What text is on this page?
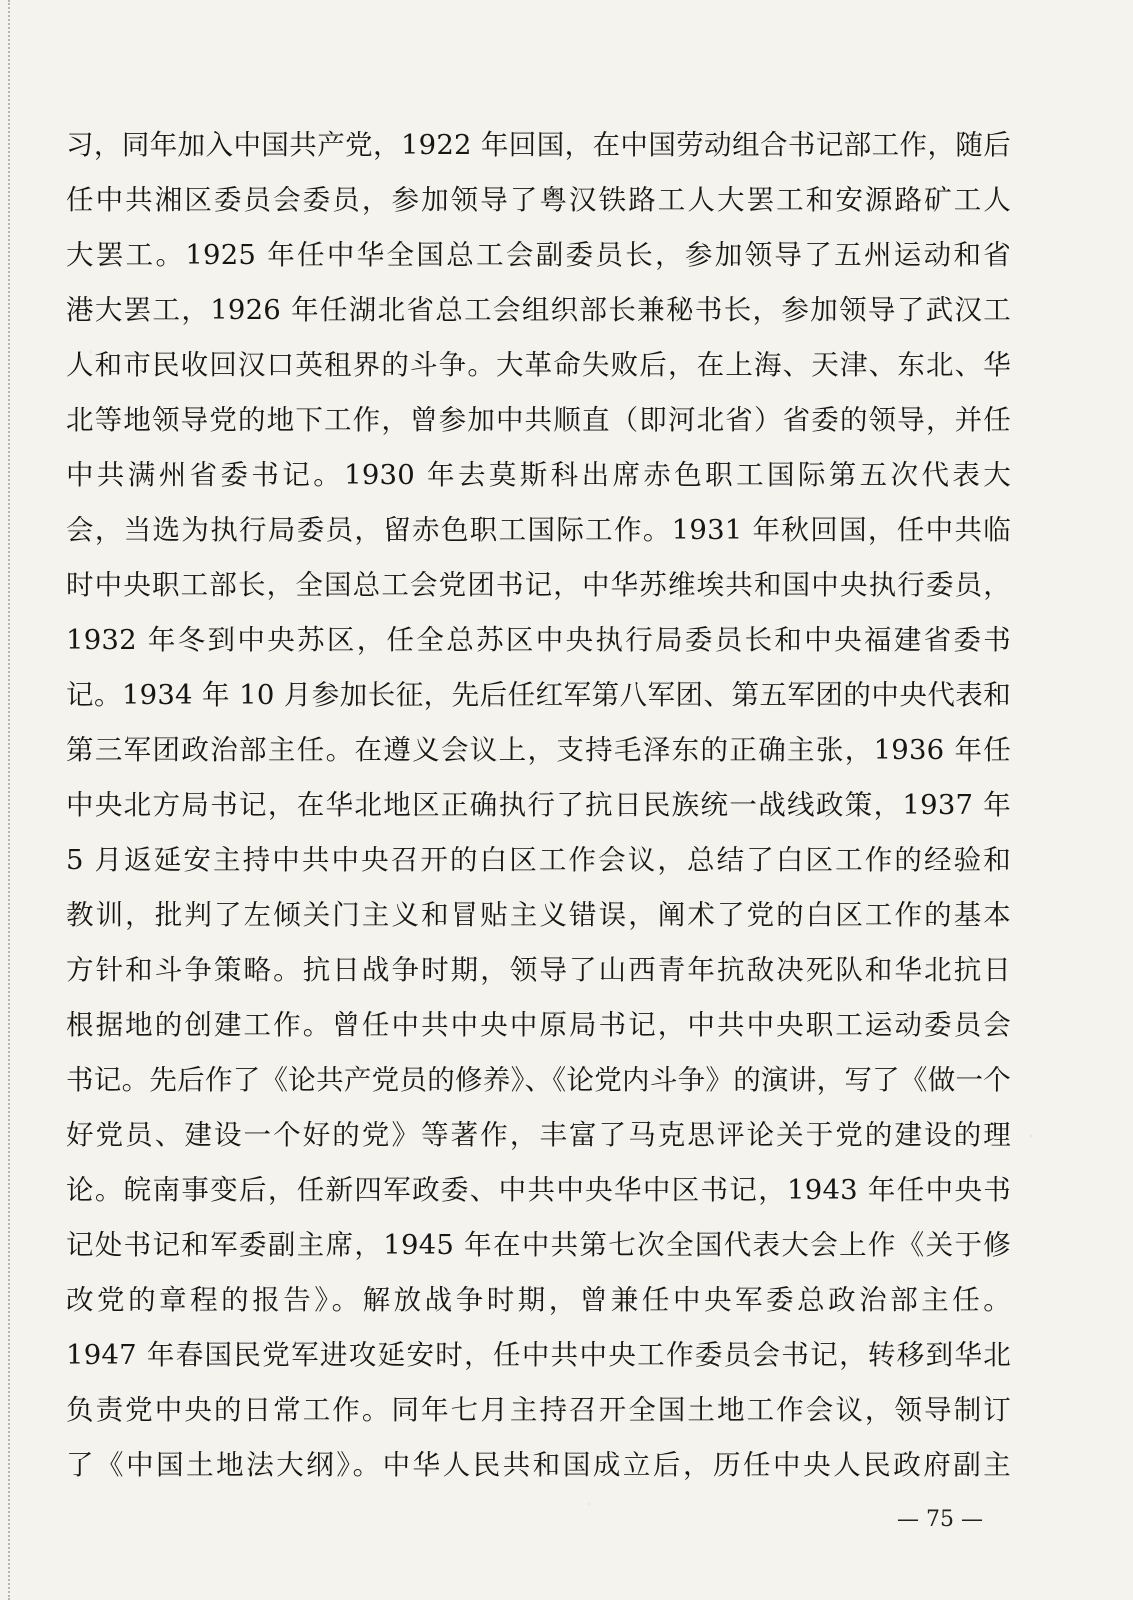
习，同年加入中国共产党，1922 年回国，在中国劳动组合书记部工作，随后
任中共湘区委员会委员，参加领导了粤汉铁路工人大罢工和安源路矿工人
大罢工。1925 年任中华全国总工会副委员长，参加领导了五州运动和省
港大罢工，1926 年任湖北省总工会组织部长兼秘书长，参加领导了武汉工
人和市民收回汉口英租界的斗争。大革命失败后，在上海、天津、东北、华
北等地领导党的地下工作，曾参加中共顺直（即河北省）省委的领导，并任
中共满州省委书记。1930 年去莫斯科出席赤色职工国际第五次代表大
会，当选为执行局委员，留赤色职工国际工作。1931 年秋回国，任中共临
时中央职工部长，全国总工会党团书记，中华苏维埃共和国中央执行委员，
1932 年冬到中央苏区，任全总苏区中央执行局委员长和中央福建省委书
记。1934 年 10 月参加长征，先后任红军第八军团、第五军团的中央代表和
第三军团政治部主任。在遵义会议上，支持毛泽东的正确主张，1936 年任
中央北方局书记，在华北地区正确执行了抗日民族统一战线政策，1937 年
5 月返延安主持中共中央召开的白区工作会议，总结了白区工作的经验和
教训，批判了左倾关门主义和冒贴主义错误，阐术了党的白区工作的基本
方针和斗争策略。抗日战争时期，领导了山西青年抗敌决死队和华北抗日
根据地的创建工作。曾任中共中央中原局书记，中共中央职工运动委员会
书记。先后作了《论共产党员的修养》、《论党内斗争》的演讲，写了《做一个
好党员、建设一个好的党》等著作，丰富了马克思评论关于党的建设的理
论。皖南事变后，任新四军政委、中共中央华中区书记，1943 年任中央书
记处书记和军委副主席，1945 年在中共第七次全国代表大会上作《关于修
改党的章程的报告》。解放战争时期，曾兼任中央军委总政治部主任。
1947 年春国民党军进攻延安时，任中共中央工作委员会书记，转移到华北
负责党中央的日常工作。同年七月主持召开全国土地工作会议，领导制订
了《中国土地法大纲》。中华人民共和国成立后，历任中央人民政府副主
— 75 —
